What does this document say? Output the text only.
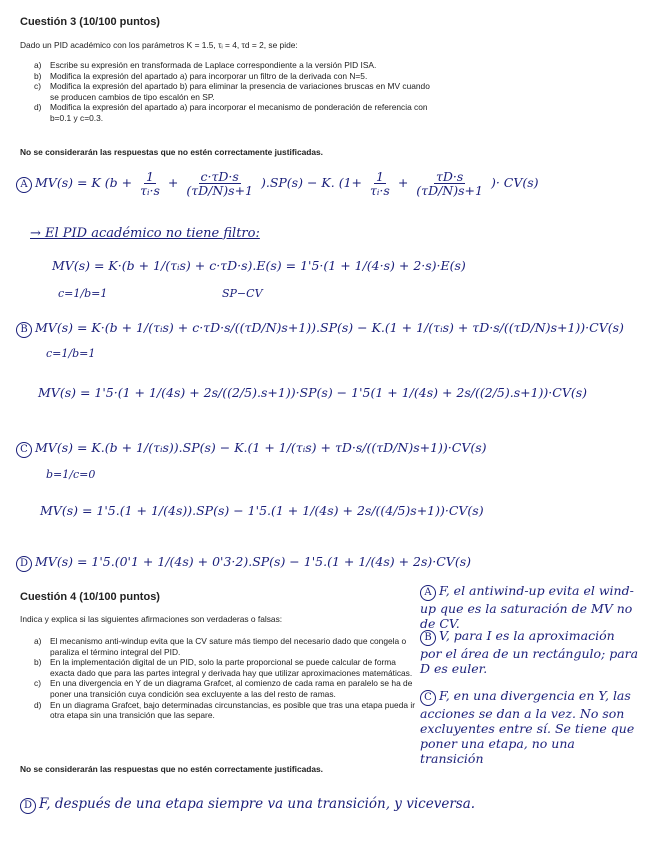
Cuestión 3 (10/100 puntos)
Dado un PID académico con los parámetros K = 1.5, τᵢ = 4, τd = 2, se pide:
a)	Escribe su expresión en transformada de Laplace correspondiente a la versión PID ISA.
b)	Modifica la expresión del apartado a) para incorporar un filtro de la derivada con N=5.
c)	Modifica la expresión del apartado b) para eliminar la presencia de variaciones bruscas en MV cuando se producen cambios de tipo escalón en SP.
d)	Modifica la expresión del apartado a) para incorporar el mecanismo de ponderación de referencia con b=0.1 y c=0.3.
No se considerarán las respuestas que no estén correctamente justificadas.
A MV(s) = K $(b + \frac{1}{\text{τᵢ·s}} + \frac{c\cdot\tau D\cdot s}{(\tau D/N)s+1} ).SP(s) - K$. ($1+ \frac{1}{\text{τᵢ·s}} + \frac{\tau D\cdot s}{(\tau D/N)s+1}$ )· CV(s)
→ El PID académico no tiene filtro:
MV(s) = K·(b + 1/(τᵢs) + c·τD·s).E(s) = 1'5·(1 + 1/(4·s) + 2·s)·E(s)
c=1/b=1	SP−CV
B MV(s) = K·(b + 1/(τᵢs) + c·τD·s/((τD/N)s+1)).SP(s) − K.(1 + 1/(τᵢs) + τD·s/((τD/N)s+1))·CV(s)
c=1/b=1
MV(s) = 1'5·(1 + 1/(4s) + 2s/((2/5).s+1))·SP(s) − 1'5(1 + 1/(4s) + 2s/((2/5).s+1))·CV(s)
C MV(s) = K.(b + 1/(τᵢs)).SP(s) − K.(1 + 1/(τᵢs) + τD·s/((τD/N)s+1))·CV(s)
b=1/c=0
MV(s) = 1'5.(1 + 1/(4s)).SP(s) − 1'5.(1 + 1/(4s) + 2s/((4/5)s+1))·CV(s)
D MV(s) = 1'5.(0'1 + 1/(4s) + 0'3·2).SP(s) − 1'5.(1 + 1/(4s) + 2s)·CV(s)
Cuestión 4 (10/100 puntos)
Indica y explica si las siguientes afirmaciones son verdaderas o falsas:
a)	El mecanismo anti-windup evita que la CV sature más tiempo del necesario dado que congela o paraliza el término integral del PID.
b)	En la implementación digital de un PID, solo la parte proporcional se puede calcular de forma exacta dado que para las partes integral y derivada hay que utilizar aproximaciones matemáticas.
c)	En una divergencia en Y de un diagrama Grafcet, al comienzo de cada rama en paralelo se ha de poner una transición cuya condición sea excluyente a las del resto de ramas.
d)	En un diagrama Grafcet, bajo determinadas circunstancias, es posible que tras una etapa pueda ir otra etapa sin una transición que las separe.
No se considerarán las respuestas que no estén correctamente justificadas.
A F, el antiwind-up evita el wind-up que es la saturación de MV no de CV.
B V, para I es la aproximación por el área de un rectángulo; para D es euler.
C F, en una divergencia en Y, las acciones se dan a la vez. No son excluyentes entre sí. Se tiene que poner una etapa, no una transición
D F, después de una etapa siempre va una transición, y viceversa.
